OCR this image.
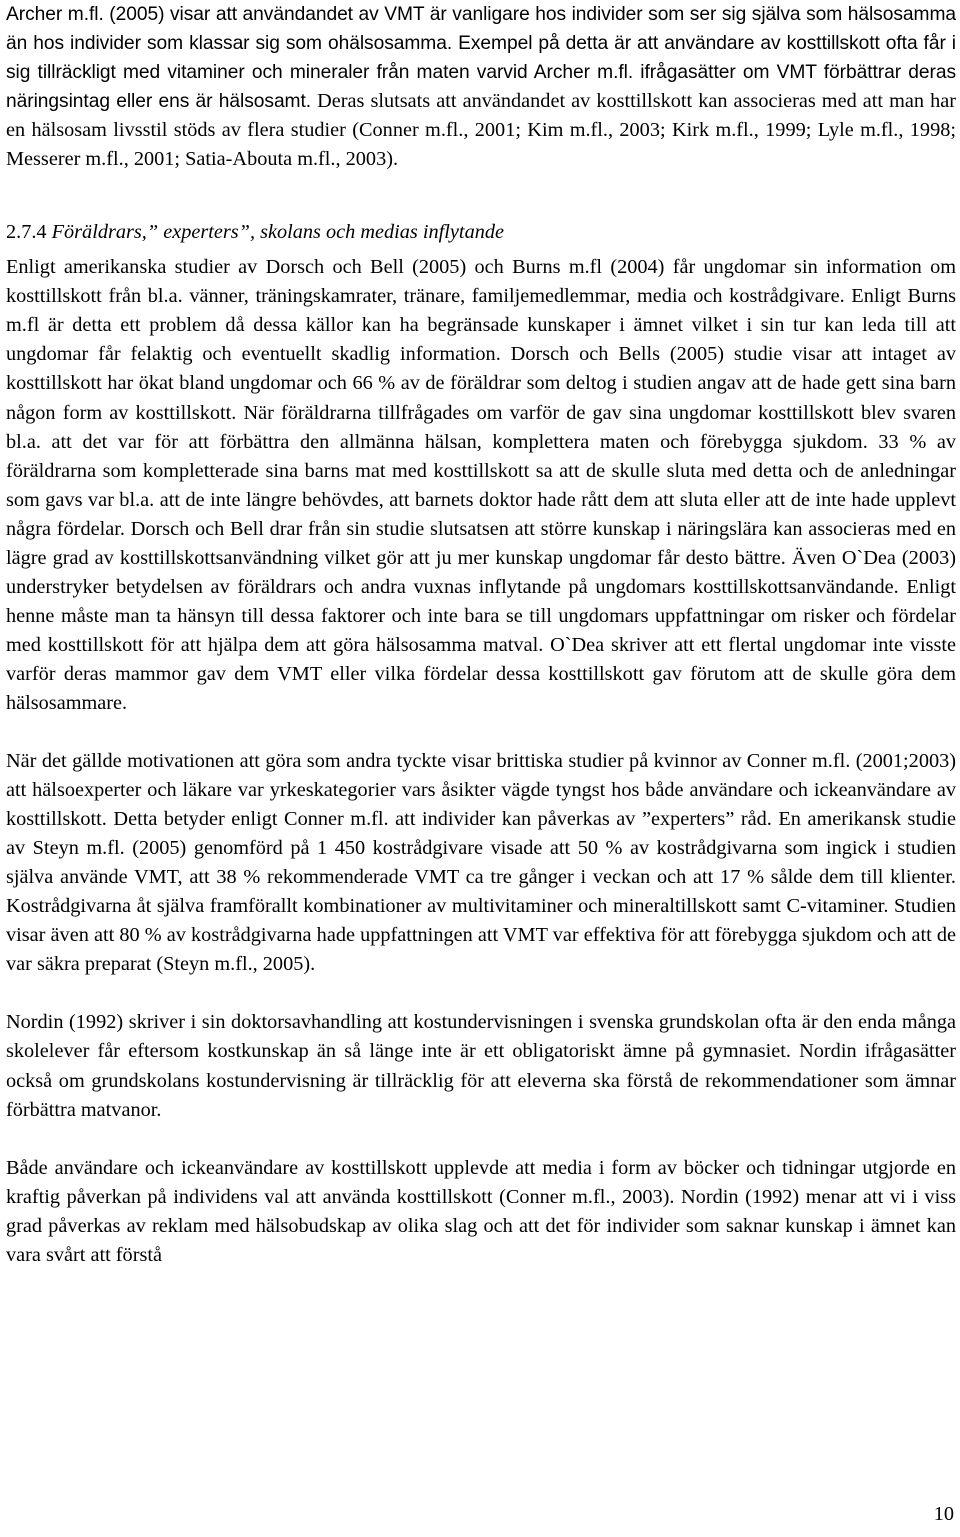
Archer m.fl. (2005) visar att användandet av VMT är vanligare hos individer som ser sig själva som hälsosamma än hos individer som klassar sig som ohälsosamma. Exempel på detta är att användare av kosttillskott ofta får i sig tillräckligt med vitaminer och mineraler från maten varvid Archer m.fl. ifrågasätter om VMT förbättrar deras näringsintag eller ens är hälsosamt. Deras slutsats att användandet av kosttillskott kan associeras med att man har en hälsosam livsstil stöds av flera studier (Conner m.fl., 2001; Kim m.fl., 2003; Kirk m.fl., 1999; Lyle m.fl., 1998; Messerer m.fl., 2001; Satia-Abouta m.fl., 2003).

2.7.4 Föräldrars,” experters”, skolans och medias inflytande

Enligt amerikanska studier av Dorsch och Bell (2005) och Burns m.fl (2004) får ungdomar sin information om kosttillskott från bl.a. vänner, träningskamrater, tränare, familjemedlemmar, media och kostrådgivare. Enligt Burns m.fl är detta ett problem då dessa källor kan ha begränsade kunskaper i ämnet vilket i sin tur kan leda till att ungdomar får felaktig och eventuellt skadlig information. Dorsch och Bells (2005) studie visar att intaget av kosttillskott har ökat bland ungdomar och 66 % av de föräldrar som deltog i studien angav att de hade gett sina barn någon form av kosttillskott. När föräldrarna tillfrågades om varför de gav sina ungdomar kosttillskott blev svaren bl.a. att det var för att förbättra den allmänna hälsan, komplettera maten och förebygga sjukdom. 33 % av föräldrarna som kompletterade sina barns mat med kosttillskott sa att de skulle sluta med detta och de anledningar som gavs var bl.a. att de inte längre behövdes, att barnets doktor hade rått dem att sluta eller att de inte hade upplevt några fördelar. Dorsch och Bell drar från sin studie slutsatsen att större kunskap i näringslära kan associeras med en lägre grad av kosttillskottsanvändning vilket gör att ju mer kunskap ungdomar får desto bättre. Även O`Dea (2003) understryker betydelsen av föräldrars och andra vuxnas inflytande på ungdomars kosttillskottsanvändande. Enligt henne måste man ta hänsyn till dessa faktorer och inte bara se till ungdomars uppfattningar om risker och fördelar med kosttillskott för att hjälpa dem att göra hälsosamma matval. O`Dea skriver att ett flertal ungdomar inte visste varför deras mammor gav dem VMT eller vilka fördelar dessa kosttillskott gav förutom att de skulle göra dem hälsosammare.

När det gällde motivationen att göra som andra tyckte visar brittiska studier på kvinnor av Conner m.fl. (2001;2003) att hälsoexperter och läkare var yrkeskategorier vars åsikter vägde tyngst hos både användare och ickeanvändare av kosttillskott. Detta betyder enligt Conner m.fl. att individer kan påverkas av ”experters” råd. En amerikansk studie av Steyn m.fl. (2005) genomförd på 1 450 kostrådgivare visade att 50 % av kostrådgivarna som ingick i studien själva använde VMT, att 38 % rekommenderade VMT ca tre gånger i veckan och att 17 % sålde dem till klienter. Kostrådgivarna åt själva framförallt kombinationer av multivitaminer och mineraltillskott samt C-vitaminer. Studien visar även att 80 % av kostrådgivarna hade uppfattningen att VMT var effektiva för att förebygga sjukdom och att de var säkra preparat (Steyn m.fl., 2005).

Nordin (1992) skriver i sin doktorsavhandling att kostundervisningen i svenska grundskolan ofta är den enda många skolelever får eftersom kostkunskap än så länge inte är ett obligatoriskt ämne på gymnasiet. Nordin ifrågasätter också om grundskolans kostundervisning är tillräcklig för att eleverna ska förstå de rekommendationer som ämnar förbättra matvanor.

Både användare och ickeanvändare av kosttillskott upplevde att media i form av böcker och tidningar utgjorde en kraftig påverkan på individens val att använda kosttillskott (Conner m.fl., 2003). Nordin (1992) menar att vi i viss grad påverkas av reklam med hälsobudskap av olika slag och att det för individer som saknar kunskap i ämnet kan vara svårt att förstå

10
